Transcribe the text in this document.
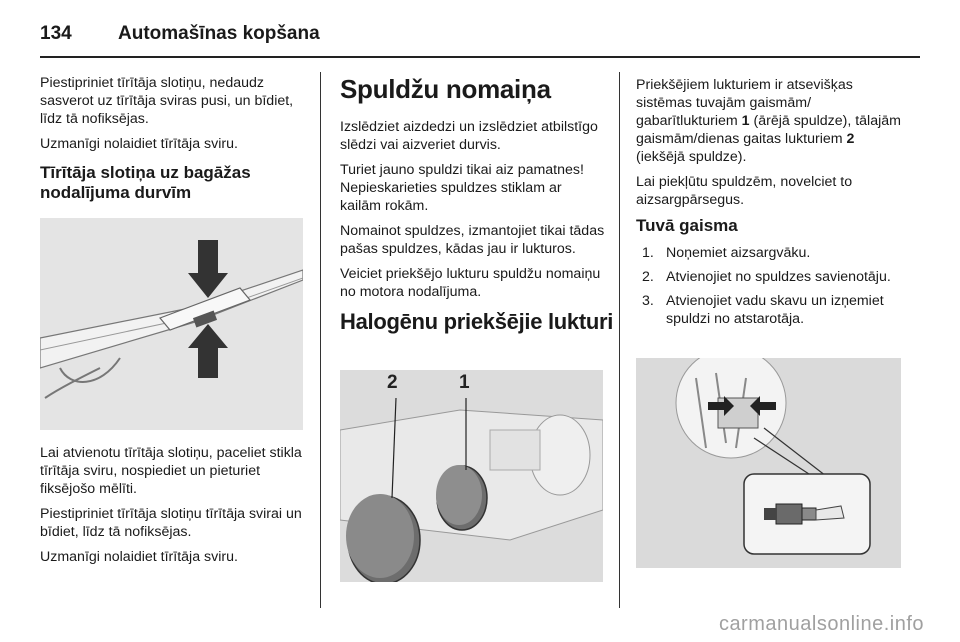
134	Automašīnas kopšana

Piestipriniet tīrītāja slotiņu, nedaudz sasverot uz tīrītāja sviras pusi, un bīdiet, līdz tā nofiksējas.

Uzmanīgi nolaidiet tīrītāja sviru.

Tīrītāja slotiņa uz bagāžas nodalījuma durvīm

Lai atvienotu tīrītāja slotiņu, paceliet stikla tīrītāja sviru, nospiediet un pieturiet fiksējošo mēlīti.

Piestipriniet tīrītāja slotiņu tīrītāja svirai un bīdiet, līdz tā nofiksējas.

Uzmanīgi nolaidiet tīrītāja sviru.

Spuldžu nomaiņa

Izslēdziet aizdedzi un izslēdziet atbilstīgo slēdzi vai aizveriet durvis.

Turiet jauno spuldzi tikai aiz pamatnes! Nepieskarieties spuldzes stiklam ar kailām rokām.

Nomainot spuldzes, izmantojiet tikai tādas pašas spuldzes, kādas jau ir lukturos.

Veiciet priekšējo lukturu spuldžu nomaiņu no motora nodalījuma.

Halogēnu priekšējie lukturi
2	1

Priekšējiem lukturiem ir atsevišķas sistēmas tuvajām gaismām/ gabarītlukturiem 1 (ārējā spuldze), tālajām gaismām/dienas gaitas lukturiem 2 (iekšējā spuldze).

Lai piekļūtu spuldzēm, novelciet to aizsargpārsegus.

Tuvā gaisma
1. Noņemiet aizsargvāku.
2. Atvienojiet no spuldzes savienotāju.
3. Atvienojiet vadu skavu un izņemiet spuldzi no atstarotāja.
carmanualsonline.info
